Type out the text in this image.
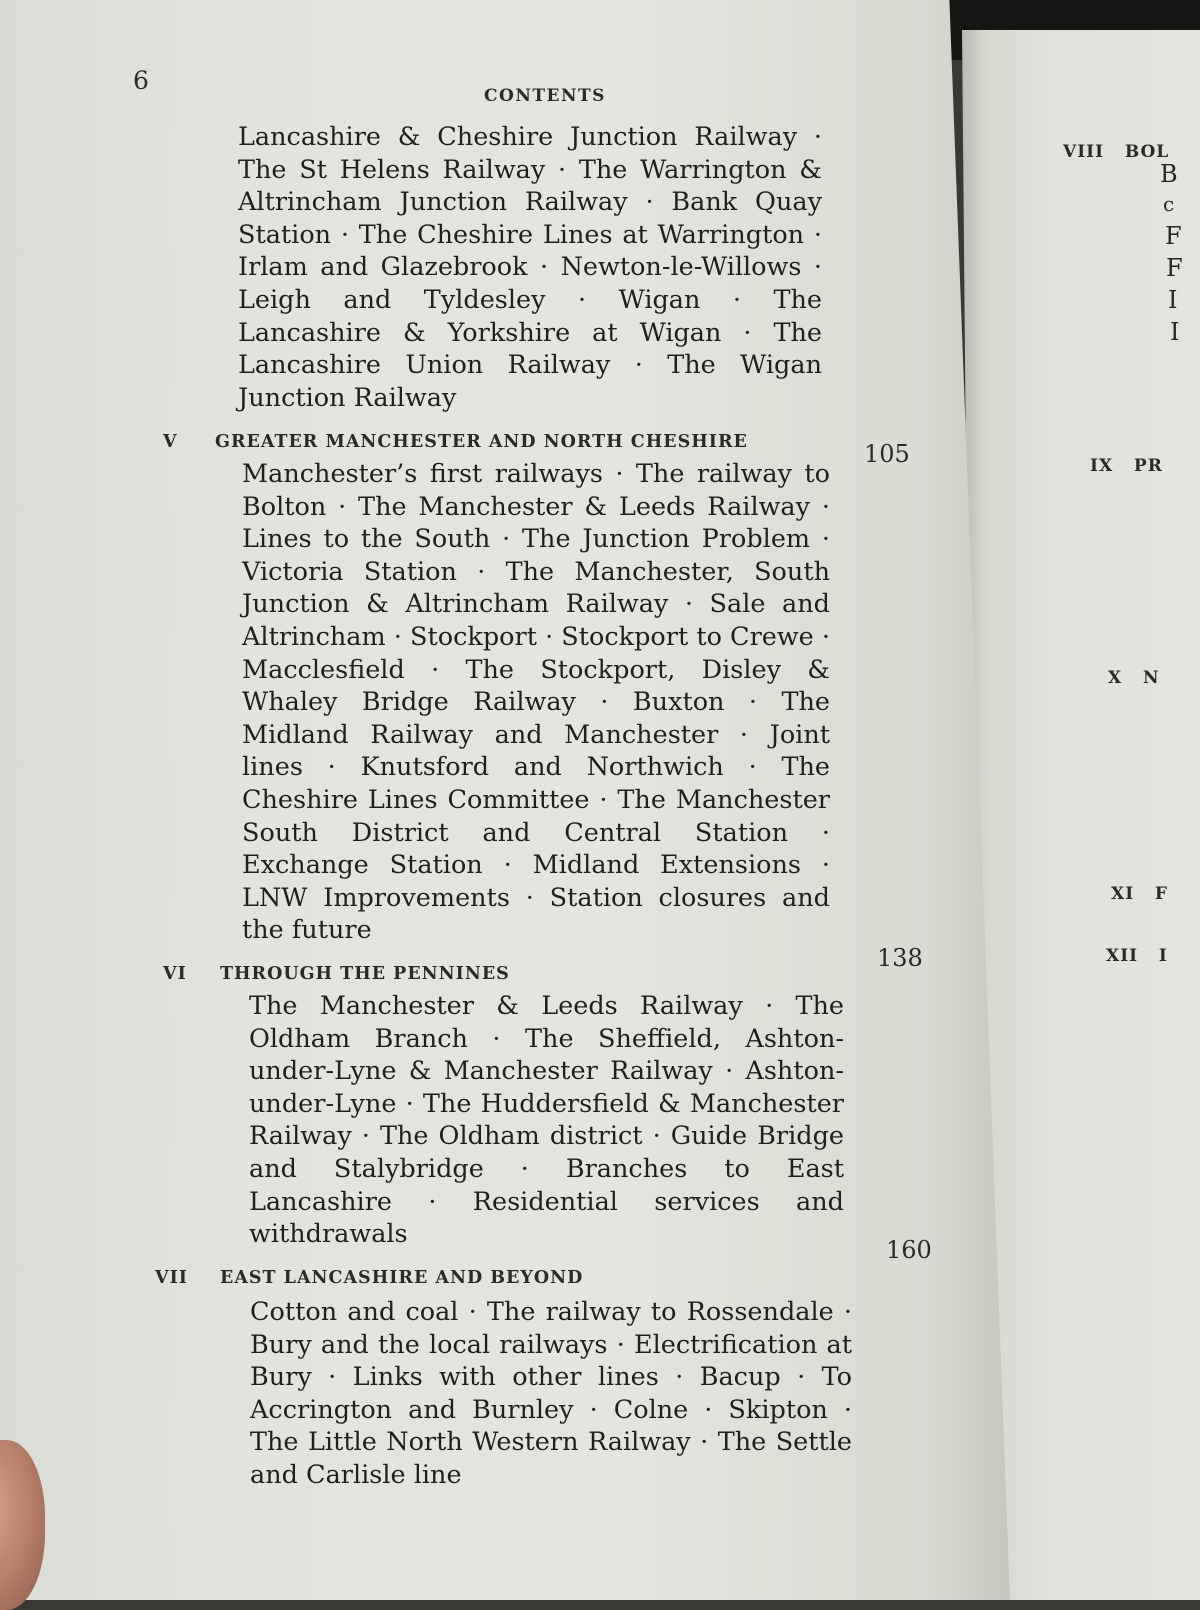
6
CONTENTS

Lancashire & Cheshire Junction Railway · The St Helens Railway · The Warrington & Altrincham Junction Railway · Bank Quay Station · The Cheshire Lines at Warrington · Irlam and Glazebrook · Newton-le-Willows · Leigh and Tyldesley · Wigan · The Lancashire & Yorkshire at Wigan · The Lancashire Union Railway · The Wigan Junction Railway

V GREATER MANCHESTER AND NORTH CHESHIRE	105

Manchester’s first railways · The railway to Bolton · The Manchester & Leeds Railway · Lines to the South · The Junction Problem · Victoria Station · The Manchester, South Junction & Altrincham Railway · Sale and Altrincham · Stockport · Stockport to Crewe · Macclesfield · The Stockport, Disley & Whaley Bridge Railway · Buxton · The Midland Railway and Manchester · Joint lines · Knutsford and Northwich · The Cheshire Lines Committee · The Manchester South District and Central Station · Exchange Station · Midland Extensions · LNW Improvements · Station closures and the future

138
VI THROUGH THE PENNINES

The Manchester & Leeds Railway · The Oldham Branch · The Sheffield, Ashton-under-Lyne & Manchester Railway · Ashton-under-Lyne · The Huddersfield & Manchester Railway · The Oldham district · Guide Bridge and Stalybridge · Branches to East Lancashire · Residential services and withdrawals

160
VII EAST LANCASHIRE AND BEYOND

Cotton and coal · The railway to Rossendale · Bury and the local railways · Electrification at Bury · Links with other lines · Bacup · To Accrington and Burnley · Colne · Skipton · The Little North Western Railway · The Settle and Carlisle line

VIII BOL
B
c
F
F
I
I
IX PR
X N
XI F
XII I
